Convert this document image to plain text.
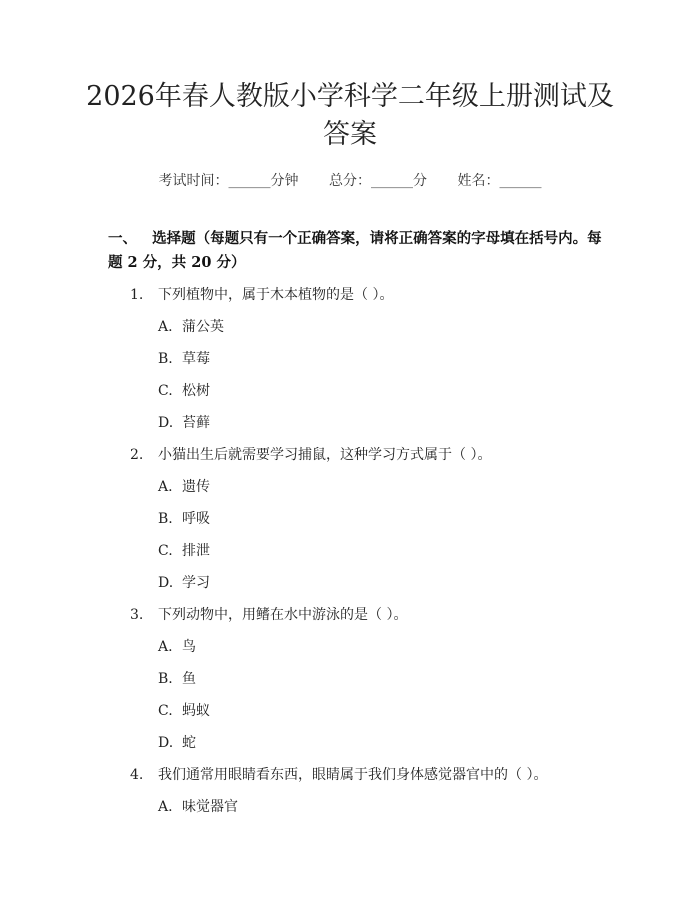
2026年春人教版小学科学二年级上册测试及
答案
考试时间：______分钟 总分：______分 姓名：______
一、 选择题（每题只有一个正确答案，请将正确答案的字母填在括号内。每题 2 分，共 20 分）
1. 下列植物中，属于木本植物的是（ ）。
A. 蒲公英
B. 草莓
C. 松树
D. 苔藓
2. 小猫出生后就需要学习捕鼠，这种学习方式属于（ ）。
A. 遗传
B. 呼吸
C. 排泄
D. 学习
3. 下列动物中，用鳍在水中游泳的是（ ）。
A. 鸟
B. 鱼
C. 蚂蚁
D. 蛇
4. 我们通常用眼睛看东西，眼睛属于我们身体感觉器官中的（ ）。
A. 味觉器官
